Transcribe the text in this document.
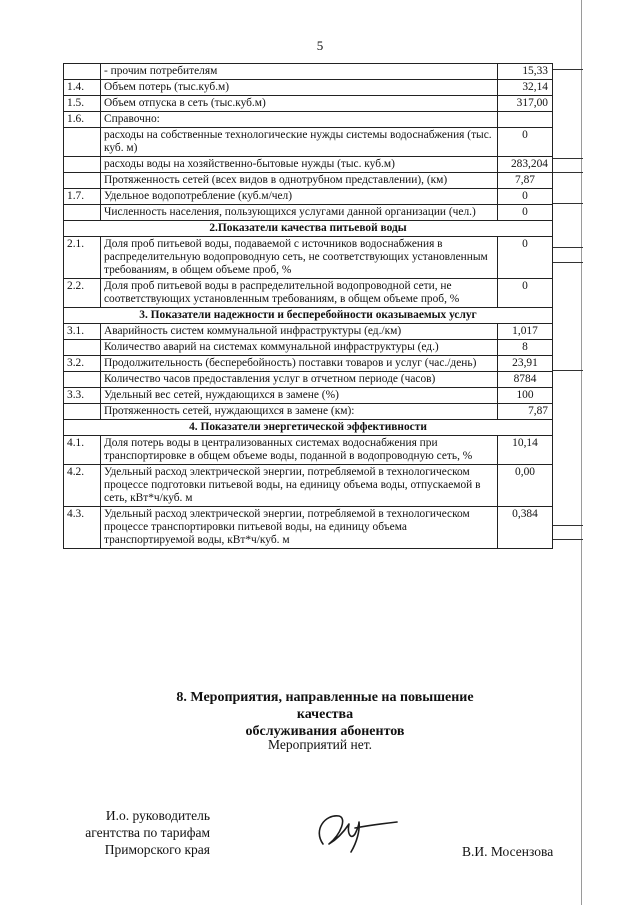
5
	- прочим потребителям	15,33
1.4.	Объем потерь (тыс.куб.м)	32,14
1.5.	Объем отпуска в сеть (тыс.куб.м)	317,00
1.6.	Справочно:	
	расходы на собственные технологические нужды системы водоснабжения (тыс. куб. м)	0
	расходы воды на хозяйственно-бытовые нужды (тыс. куб.м)	283,204
	Протяженность сетей (всех видов в однотрубном представлении), (км)	7,87
1.7.	Удельное водопотребление (куб.м/чел)	0
	Численность населения, пользующихся услугами данной организации (чел.)	0
2.Показатели качества питьевой воды		
2.1.	Доля проб питьевой воды, подаваемой с источников водоснабжения в распределительную водопроводную сеть, не соответствующих установленным требованиям, в общем объеме проб, %	0
2.2.	Доля проб питьевой воды в распределительной водопроводной сети, не соответствующих установленным требованиям, в общем объеме проб, %	0
3. Показатели надежности и бесперебойности оказываемых услуг		
3.1.	Аварийность систем коммунальной инфраструктуры (ед./км)	1,017
	Количество аварий на системах коммунальной инфраструктуры (ед.)	8
3.2.	Продолжительность (бесперебойность) поставки товаров и услуг (час./день)	23,91
	Количество часов предоставления услуг в отчетном периоде (часов)	8784
3.3.	Удельный вес сетей, нуждающихся в замене (%)	100
	Протяженность сетей, нуждающихся в замене (км):	7,87
4. Показатели энергетической эффективности		
4.1.	Доля потерь воды в централизованных системах водоснабжения при транспортировке в общем объеме воды, поданной в водопроводную сеть, %	10,14
4.2.	Удельный расход электрической энергии, потребляемой в технологическом процессе подготовки питьевой воды, на единицу объема воды, отпускаемой в сеть, кВт*ч/куб. м	0,00
4.3.	Удельный расход электрической энергии, потребляемой в технологическом процессе транспортировки питьевой воды, на единицу объема транспортируемой воды, кВт*ч/куб. м	0,384
8. Мероприятия, направленные на повышение качества
обслуживания абонентов
Мероприятий нет.
И.о. руководитель
агентства по тарифам
Приморского края	В.И. Мосензова
